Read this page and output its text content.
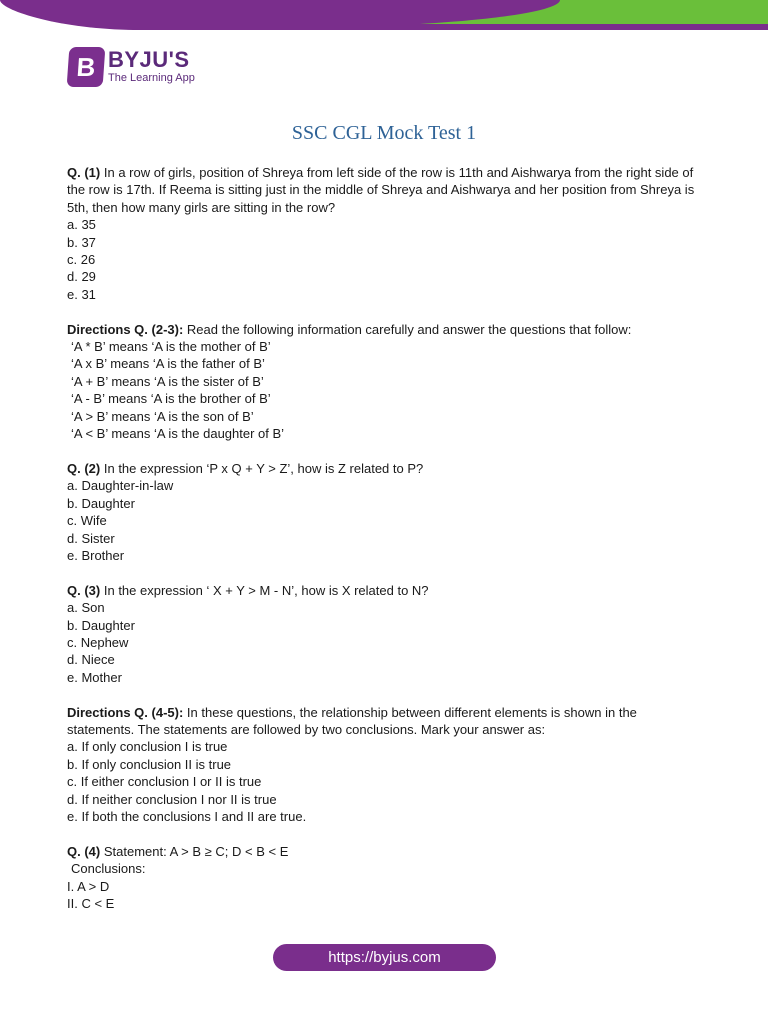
B BYJU'S
The Learning App
SSC CGL Mock Test 1

Q. (1) In a row of girls, position of Shreya from left side of the row is 11th and Aishwarya from the right side of the row is 17th. If Reema is sitting just in the middle of Shreya and Aishwarya and her position from Shreya is 5th, then how many girls are sitting in the row?

a. 35

b. 37

c. 26

d. 29

e. 31

Directions Q. (2-3): Read the following information carefully and answer the questions that follow:

‘A * B’ means ‘A is the mother of B’

‘A x B’ means ‘A is the father of B’

‘A + B’ means ‘A is the sister of B’

‘A - B’ means ‘A is the brother of B’

‘A > B’ means ‘A is the son of B’

‘A < B’ means ‘A is the daughter of B’

Q. (2) In the expression ‘P x Q + Y > Z’, how is Z related to P?

a. Daughter-in-law

b. Daughter

c. Wife

d. Sister

e. Brother

Q. (3) In the expression ‘ X + Y > M - N’, how is X related to N?

a. Son

b. Daughter

c. Nephew

d. Niece

e. Mother

Directions Q. (4-5): In these questions, the relationship between different elements is shown in the statements. The statements are followed by two conclusions. Mark your answer as:

a. If only conclusion I is true

b. If only conclusion II is true

c. If either conclusion I or II is true

d. If neither conclusion I nor II is true

e. If both the conclusions I and II are true.

Q. (4) Statement: A > B ≥ C; D < B < E

Conclusions:

I. A > D

II. C < E

https://byjus.com
